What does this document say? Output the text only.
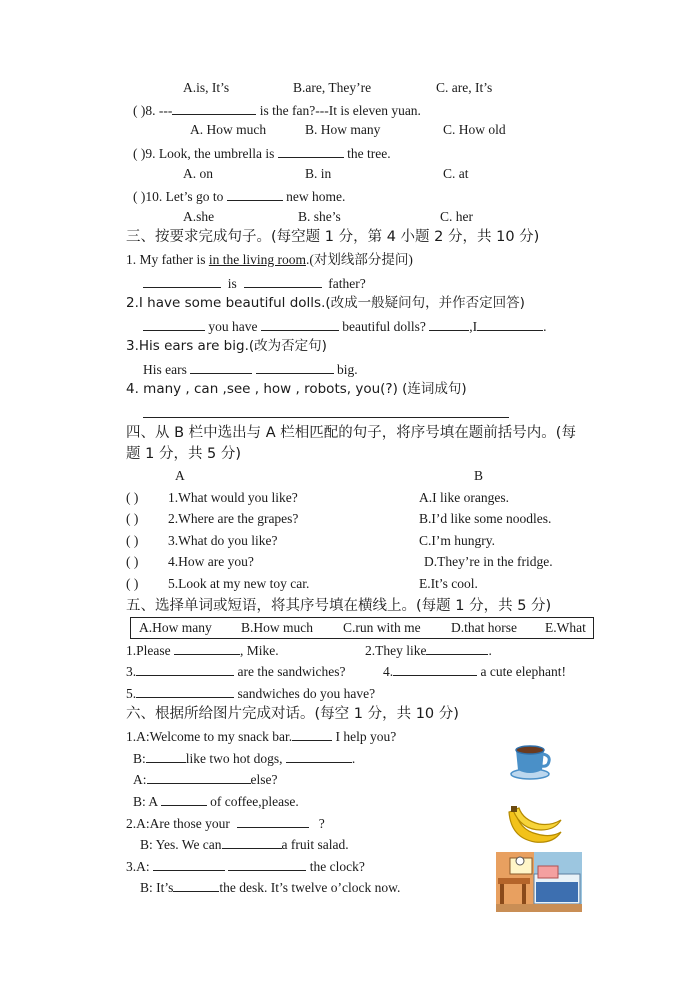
A.is, It’s	B.are, They’re	C. are, It’s
( )8. ---	is the fan?---It is eleven yuan.
A. How much	B. How many	C. How old
( )9. Look, the umbrella is	the tree.
A. on	B. in	C. at
( )10. Let’s go to	new home.
A.she	B. she’s	C. her
三、按要求完成句子。(每空题 1 分，第 4 小题 2 分，共 10 分)
1. My father is in the living room.(对划线部分提问)
is	father?
2.I have some beautiful dolls.(改成一般疑问句，并作否定回答)
you have	beautiful dolls?	,I	.
3.His ears are big.(改为否定句)
His ears	big.
4. many , can ,see , how , robots, you(?) (连词成句)
四、从 B 栏中选出与 A 栏相匹配的句子，将序号填在题前括号内。(每
题 1 分，共 5 分)
A	B
( ) 1.What would you like?	A.I like oranges.
( ) 2.Where are the grapes?	B.I’d like some noodles.
( ) 3.What do you like?	C.I’m hungry.
( ) 4.How are you?	D.They’re in the fridge.
( ) 5.Look at my new toy car.	E.It’s cool.
五、选择单词或短语，将其序号填在横线上。(每题 1 分，共 5 分)
A.How many B.How much C.run with me D.that horse E.What
1.Please	, Mike.	2.They like	.
3.	are the sandwiches?	4.	a cute elephant!
5.	sandwiches do you have?
六、根据所给图片完成对话。(每空 1 分，共 10 分)
1.A:Welcome to my snack bar.	I help you?
B:	like two hot dogs,	.
A:	else?
B: A	of coffee,please.
2.A:Are those your	?
B: Yes. We can	a fruit salad.
3.A:	the clock?
B: It’s	the desk. It’s twelve o’clock now.
